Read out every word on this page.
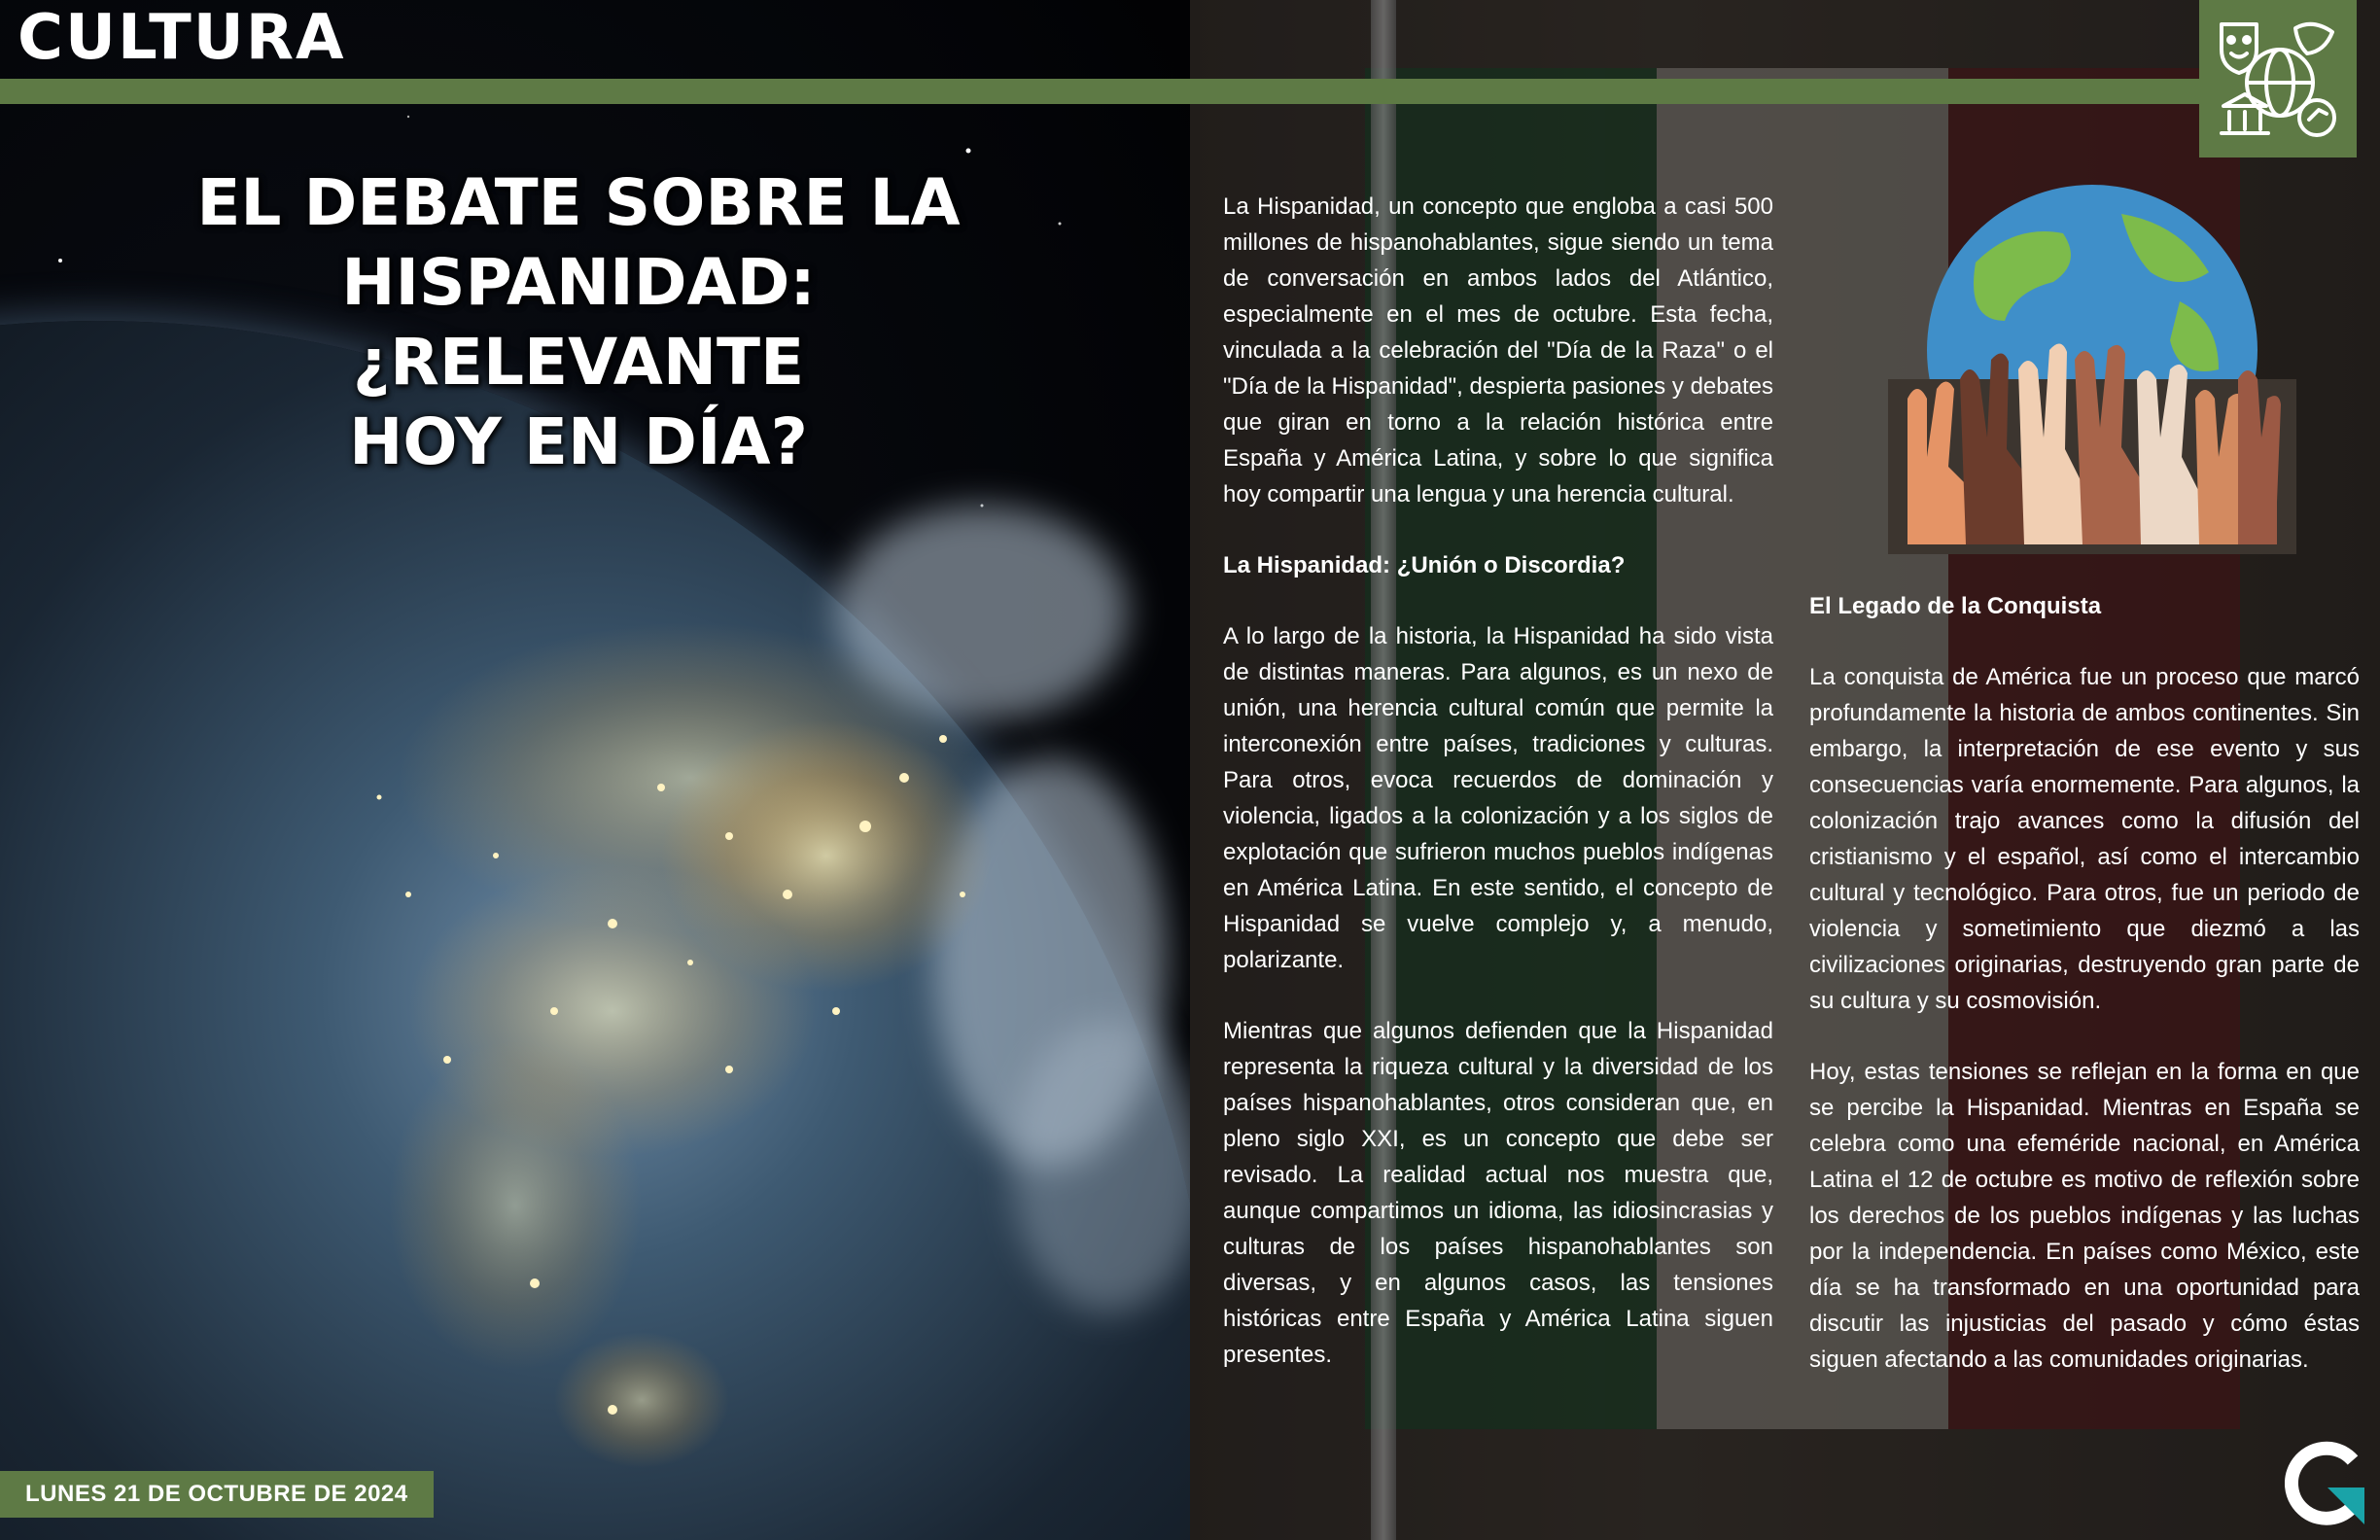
CULTURA
EL DEBATE SOBRE LA
HISPANIDAD: ¿RELEVANTE
HOY EN DÍA?
LUNES 21 DE OCTUBRE DE 2024

La Hispanidad, un concepto que engloba a casi 500 millones de hispanohablantes, sigue siendo un tema de conversación en ambos lados del Atlántico, especialmente en el mes de octubre. Esta fecha, vinculada a la celebración del "Día de la Raza" o el "Día de la Hispanidad", despierta pasiones y debates que giran en torno a la relación histórica entre España y América Latina, y sobre lo que significa hoy compartir una lengua y una herencia cultural.

La Hispanidad: ¿Unión o Discordia?

A lo largo de la historia, la Hispanidad ha sido vista de distintas maneras. Para algunos, es un nexo de unión, una herencia cultural común que permite la interconexión entre países, tradiciones y culturas. Para otros, evoca recuerdos de dominación y violencia, ligados a la colonización y a los siglos de explotación que sufrieron muchos pueblos indígenas en América Latina. En este sentido, el concepto de Hispanidad se vuelve complejo y, a menudo, polarizante.

Mientras que algunos defienden que la Hispanidad representa la riqueza cultural y la diversidad de los países hispanohablantes, otros consideran que, en pleno siglo XXI, es un concepto que debe ser revisado. La realidad actual nos muestra que, aunque compartimos un idioma, las idiosincrasias y culturas de los países hispanohablantes son diversas, y en algunos casos, las tensiones históricas entre España y América Latina siguen presentes.

El Legado de la Conquista

La conquista de América fue un proceso que marcó profundamente la historia de ambos continentes. Sin embargo, la interpretación de ese evento y sus consecuencias varía enormemente. Para algunos, la colonización trajo avances como la difusión del cristianismo y el español, así como el intercambio cultural y tecnológico. Para otros, fue un periodo de violencia y sometimiento que diezmó a las civilizaciones originarias, destruyendo gran parte de su cultura y su cosmovisión.

Hoy, estas tensiones se reflejan en la forma en que se percibe la Hispanidad. Mientras en España se celebra como una efeméride nacional, en América Latina el 12 de octubre es motivo de reflexión sobre los derechos de los pueblos indígenas y las luchas por la independencia. En países como México, este día se ha transformado en una oportunidad para discutir las injusticias del pasado y cómo éstas siguen afectando a las comunidades originarias.
